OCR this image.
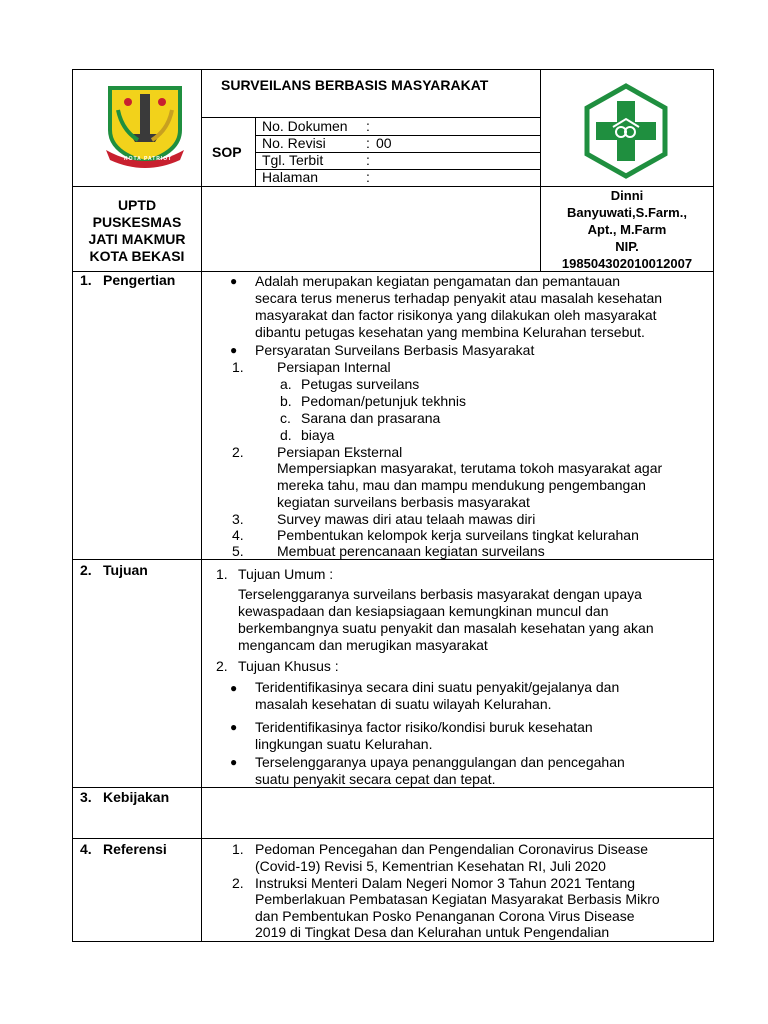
KOTA PATRIOT
SURVEILANS BERBASIS MASYARAKAT
SOP
No. Dokumen :
No. Revisi	: 00
Tgl. Terbit	:
Halaman	:
UPTD
PUSKESMAS
JATI MAKMUR
KOTA BEKASI
Dinni
Banyuwati,S.Farm.,
Apt., M.Farm
NIP.
198504302010012007
1. Pengertian	● Adalah merupakan kegiatan pengamatan dan pemantauan
secara terus menerus terhadap penyakit atau masalah kesehatan
masyarakat dan factor risikonya yang dilakukan oleh masyarakat
dibantu petugas kesehatan yang membina Kelurahan tersebut.
● Persyaratan Surveilans Berbasis Masyarakat
1. Persiapan Internal
a. Petugas surveilans
b. Pedoman/petunjuk tekhnis
c. Sarana dan prasarana
d. biaya
2. Persiapan Eksternal
Mempersiapkan masyarakat, terutama tokoh masyarakat agar
mereka tahu, mau dan mampu mendukung pengembangan
kegiatan surveilans berbasis masyarakat
3. Survey mawas diri atau telaah mawas diri
4. Pembentukan kelompok kerja surveilans tingkat kelurahan
5. Membuat perencanaan kegiatan surveilans
2. Tujuan	1. Tujuan Umum :
Terselenggaranya surveilans berbasis masyarakat dengan upaya
kewaspadaan dan kesiapsiagaan kemungkinan muncul dan
berkembangnya suatu penyakit dan masalah kesehatan yang akan
mengancam dan merugikan masyarakat
2. Tujuan Khusus :
● Teridentifikasinya secara dini suatu penyakit/gejalanya dan
masalah kesehatan di suatu wilayah Kelurahan.
● Teridentifikasinya factor risiko/kondisi buruk kesehatan
lingkungan suatu Kelurahan.
● Terselenggaranya upaya penanggulangan dan pencegahan
suatu penyakit secara cepat dan tepat.
3. Kebijakan
4. Referensi	1. Pedoman Pencegahan dan Pengendalian Coronavirus Disease
(Covid-19) Revisi 5, Kementrian Kesehatan RI, Juli 2020
2. Instruksi Menteri Dalam Negeri Nomor 3 Tahun 2021 Tentang
Pemberlakuan Pembatasan Kegiatan Masyarakat Berbasis Mikro
dan Pembentukan Posko Penanganan Corona Virus Disease
2019 di Tingkat Desa dan Kelurahan untuk Pengendalian
